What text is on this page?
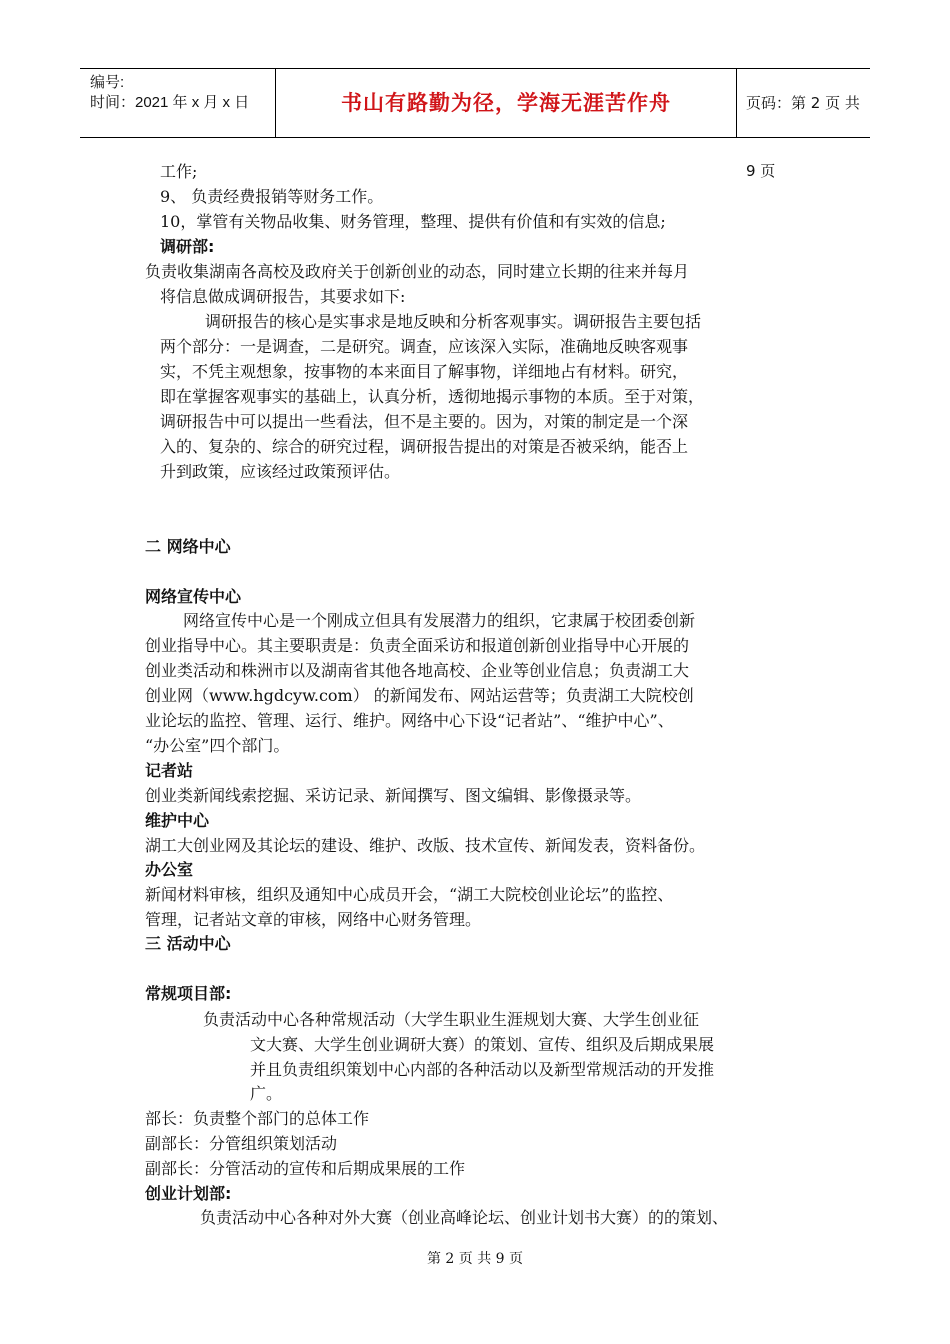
编号:
时间：2021 年 x 月 x 日	书山有路勤为径，学海无涯苦作舟	页码：第 2 页 共 9 页
工作;
9、 负责经费报销等财务工作。
10，掌管有关物品收集、财务管理，整理、提供有价值和有实效的信息;
调研部:
负责收集湖南各高校及政府关于创新创业的动态，同时建立长期的往来并每月
将信息做成调研报告，其要求如下:
调研报告的核心是实事求是地反映和分析客观事实。调研报告主要包括
两个部分：一是调查，二是研究。调查，应该深入实际，准确地反映客观事
实，不凭主观想象，按事物的本来面目了解事物，详细地占有材料。研究，
即在掌握客观事实的基础上，认真分析，透彻地揭示事物的本质。至于对策，
调研报告中可以提出一些看法，但不是主要的。因为，对策的制定是一个深
入的、复杂的、综合的研究过程，调研报告提出的对策是否被采纳，能否上
升到政策，应该经过政策预评估。
二 网络中心
网络宣传中心
网络宣传中心是一个刚成立但具有发展潜力的组织，它隶属于校团委创新
创业指导中心。其主要职责是：负责全面采访和报道创新创业指导中心开展的
创业类活动和株洲市以及湖南省其他各地高校、企业等创业信息；负责湖工大
创业网（www.hgdcyw.com） 的新闻发布、网站运营等；负责湖工大院校创
业论坛的监控、管理、运行、维护。网络中心下设“记者站”、“维护中心”、
“办公室”四个部门。
记者站
创业类新闻线索挖掘、采访记录、新闻撰写、图文编辑、影像摄录等。
维护中心
湖工大创业网及其论坛的建设、维护、改版、技术宣传、新闻发表，资料备份。
办公室
新闻材料审核，组织及通知中心成员开会，“湖工大院校创业论坛”的监控、
管理，记者站文章的审核，网络中心财务管理。
三 活动中心
常规项目部:
负责活动中心各种常规活动（大学生职业生涯规划大赛、大学生创业征
文大赛、大学生创业调研大赛）的策划、宣传、组织及后期成果展
并且负责组织策划中心内部的各种活动以及新型常规活动的开发推
广。
部长：负责整个部门的总体工作
副部长：分管组织策划活动
副部长：分管活动的宣传和后期成果展的工作
创业计划部:
负责活动中心各种对外大赛（创业高峰论坛、创业计划书大赛）的的策划、
第 2 页 共 9 页
